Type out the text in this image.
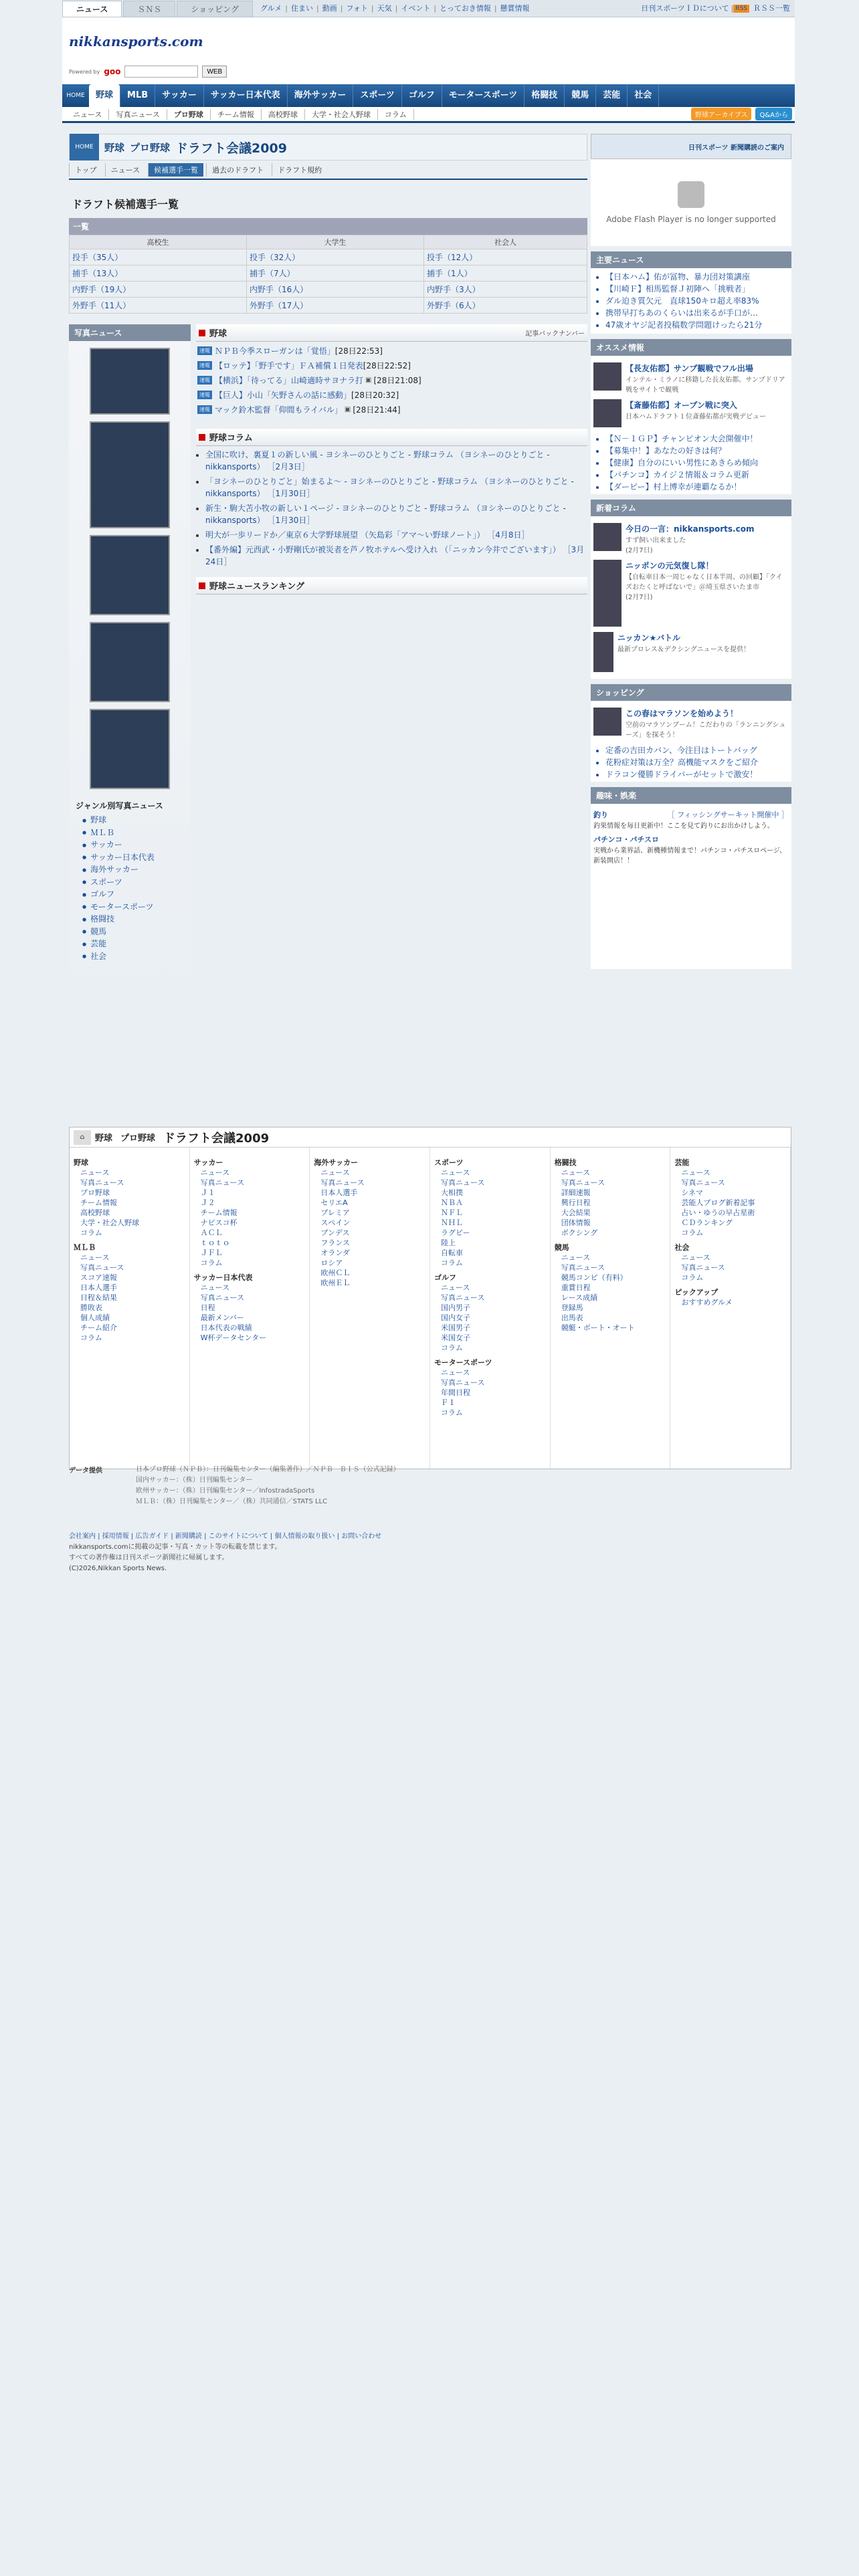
ニュース	ＳＮＳ	ショッピング	グルメ | 住まい | 動画 | フォト | 天気 | イベント | とっておき情報 | 懸賞情報	日刊スポーツＩＤについて | RSS ＲＳＳ一覧
nikkansports.com
Powered by goo	WEB
HOME	野球	MLB	サッカー	サッカー日本代表	海外サッカー	スポーツ	ゴルフ	モータースポーツ	格闘技	競馬	芸能	社会
ニュース	写真ニュース	プロ野球	チーム情報	高校野球	大学・社会人野球	コラム	野球アーカイブス	Q&Aから
HOME	野球 プロ野球 ドラフト会議2009
トップ	ニュース	候補選手一覧	過去のドラフト	ドラフト規約
ドラフト候補選手一覧
一覧
高校生	大学生	社会人
投手（35人）	投手（32人）	投手（12人）
捕手（13人）	捕手（7人）	捕手（1人）
内野手（19人）	内野手（16人）	内野手（3人）
外野手（11人）	外野手（17人）	外野手（6人）
写真ニュース
ジャンル別写真ニュース
● 野球
● ＭＬＢ
● サッカー
● サッカー日本代表
● 海外サッカー
● スポーツ
● ゴルフ
● モータースポーツ
● 格闘技
● 競馬
● 芸能
● 社会
野球	記事バックナンバー
速報 ＮＰＢ今季スローガンは「覚悟」 [28日22:53]
速報 【ロッテ】「野手です」ＦＡ補償１日発表 [28日22:52]
速報 【横浜】「待ってる」山崎適時サヨナラ打 ▣ [28日21:08]
速報 【巨人】小山「矢野さんの話に感動」 [28日20:32]
速報 マック鈴木監督「仰間もライバル」 ▣ [28日21:44]
野球コラム
• 全国に吹け、裏夏１の新しい風 - ヨシネーのひとりごと - 野球コラム （ヨシネーのひとりごと - nikkansports） ［2月3日］
• 「ヨシネーのひとりごと」始まるよ〜 - ヨシネーのひとりごと - 野球コラム （ヨシネーのひとりごと - nikkansports） ［1月30日］
• 新生・駒大苫小牧の新しい１ページ - ヨシネーのひとりごと - 野球コラム （ヨシネーのひとりごと - nikkansports） ［1月30日］
• 明大が一歩リードか／東京６大学野球展望 （矢島彩「アマ〜い野球ノート」） ［4月8日］
• 【番外編】元西武・小野剛氏が被災者を芦ノ牧ホテルへ受け入れ （「ニッカン今井でございます」） ［3月24日］
野球ニュースランキング
日刊スポーツ 新聞購読のご案内
Adobe Flash Player is no longer supported
主要ニュース
• 【日本ハム】佑が冨物、暴力団対策講座
• 【川崎Ｆ】相馬監督Ｊ初陣へ「挑戦者」
• ダル迫き質欠元　直球150キロ超え率83%
• 携帯早打ちあのくらいは出来るが手口が…
• 47歳オヤジ記者投稿数学問題けったら21分
オススメ情報
【長友佑都】サンプ観戦でフル出場

インテル・ミラノに移籍した長友佑都。サンプドリア戦をサイトで観戦

【斎藤佑都】オープン戦に突入

日本ハムドラフト１位斎藤佑都が実戦デビュー

• 【Ｎ－１ＧＰ】チャンピオン大会開催中！
• 【募集中！】あなたの好きは何？
• 【健康】自分のにいい男性にあきらめ傾向
• 【パチンコ】カイジ２情報＆コラム更新
• 【ダービー】村上博幸が連覇なるか！
新着コラム
今日の一言：nikkansports.com

すず飼い出来ました

(2月7日)

ニッポンの元気復し隊！

【自転車日本一周じゃなく日本半周、の回顧】「クイズおたくと呼ばないで」＠埼玉県さいたま市

(2月7日)

ニッカン★バトル

最新プロレス＆デクシングニュースを提供！

ショッピング
この春はマラソンを始めよう！
空前のマラソンブーム！こだわりの「ランニングシューズ」を探そう！
• 定番の吉田カバン、今注目はトートバッグ
• 花粉症対策は万全？高機能マスクをご紹介
• ドラコン優勝ドライバーがセットで激安！
趣味・娯楽
釣り	［ フィッシングサーキット開催中 ］
釣果情報を毎日更新中！ここを見て釣りにお出かけしよう。
パチンコ・パチスロ
実戦から業界話、新機種情報まで！パチンコ・パチスロページ、新装開店！！
⌂	野球 プロ野球 ドラフト会議2009
野球
ニュース
写真ニュース
プロ野球
チーム情報
高校野球
大学・社会人野球
コラム
ＭＬＢ
ニュース
写真ニュース
スコア速報
日本人選手
日程＆結果
勝敗表
個人成績
チーム紹介
コラム
サッカー
ニュース
写真ニュース
Ｊ１
Ｊ２
チーム情報
ナビスコ杯
ＡＣＬ
ｔｏｔｏ
ＪＦＬ
コラム
サッカー日本代表
ニュース
写真ニュース
日程
最新メンバー
日本代表の戦績
W杯データセンター
海外サッカー
ニュース
写真ニュース
日本人選手
セリエA
プレミア
スペイン
ブンデス
フランス
オランダ
ロシア
欧州ＣＬ
欧州ＥＬ
スポーツ
ニュース
写真ニュース
大相撲
ＮＢＡ
ＮＦＬ
ＮＨＬ
ラグビー
陸上
自転車
コラム
ゴルフ
ニュース
写真ニュース
国内男子
国内女子
米国男子
米国女子
コラム
モータースポーツ
ニュース
写真ニュース
年間日程
Ｆ１
コラム
格闘技
ニュース
写真ニュース
詳細速報
興行日程
大会結果
団体情報
ボクシング
競馬
ニュース
写真ニュース
競馬コンピ（有料）
重賞日程
レース成績
登録馬
出馬表
競艇・ボート・オート
芸能
ニュース
写真ニュース
シネマ
芸能人ブログ新着記事
占い・ゆうの早占星術
ＣＤランキング
コラム
社会
ニュース
写真ニュース
コラム
ピックアップ
おすすめグルメ
データ提供	日本プロ野球（ＮＰＢ）：日刊編集センター（編集著作）／ＮＰＢ　ＢＩＳ（公式記録）
国内サッカー：（株）日刊編集センター
欧州サッカー：（株）日刊編集センター／InfostradaSports
ＭＬＢ：（株）日刊編集センター／（株）共同通信／STATS LLC
会社案内 | 採用情報 | 広告ガイド | 新聞購読 | このサイトについて | 個人情報の取り扱い | お問い合わせ
nikkansports.comに掲載の記事・写真・カット等の転載を禁じます。
すべての著作権は日刊スポーツ新聞社に帰属します。
(C)2026,Nikkan Sports News.
